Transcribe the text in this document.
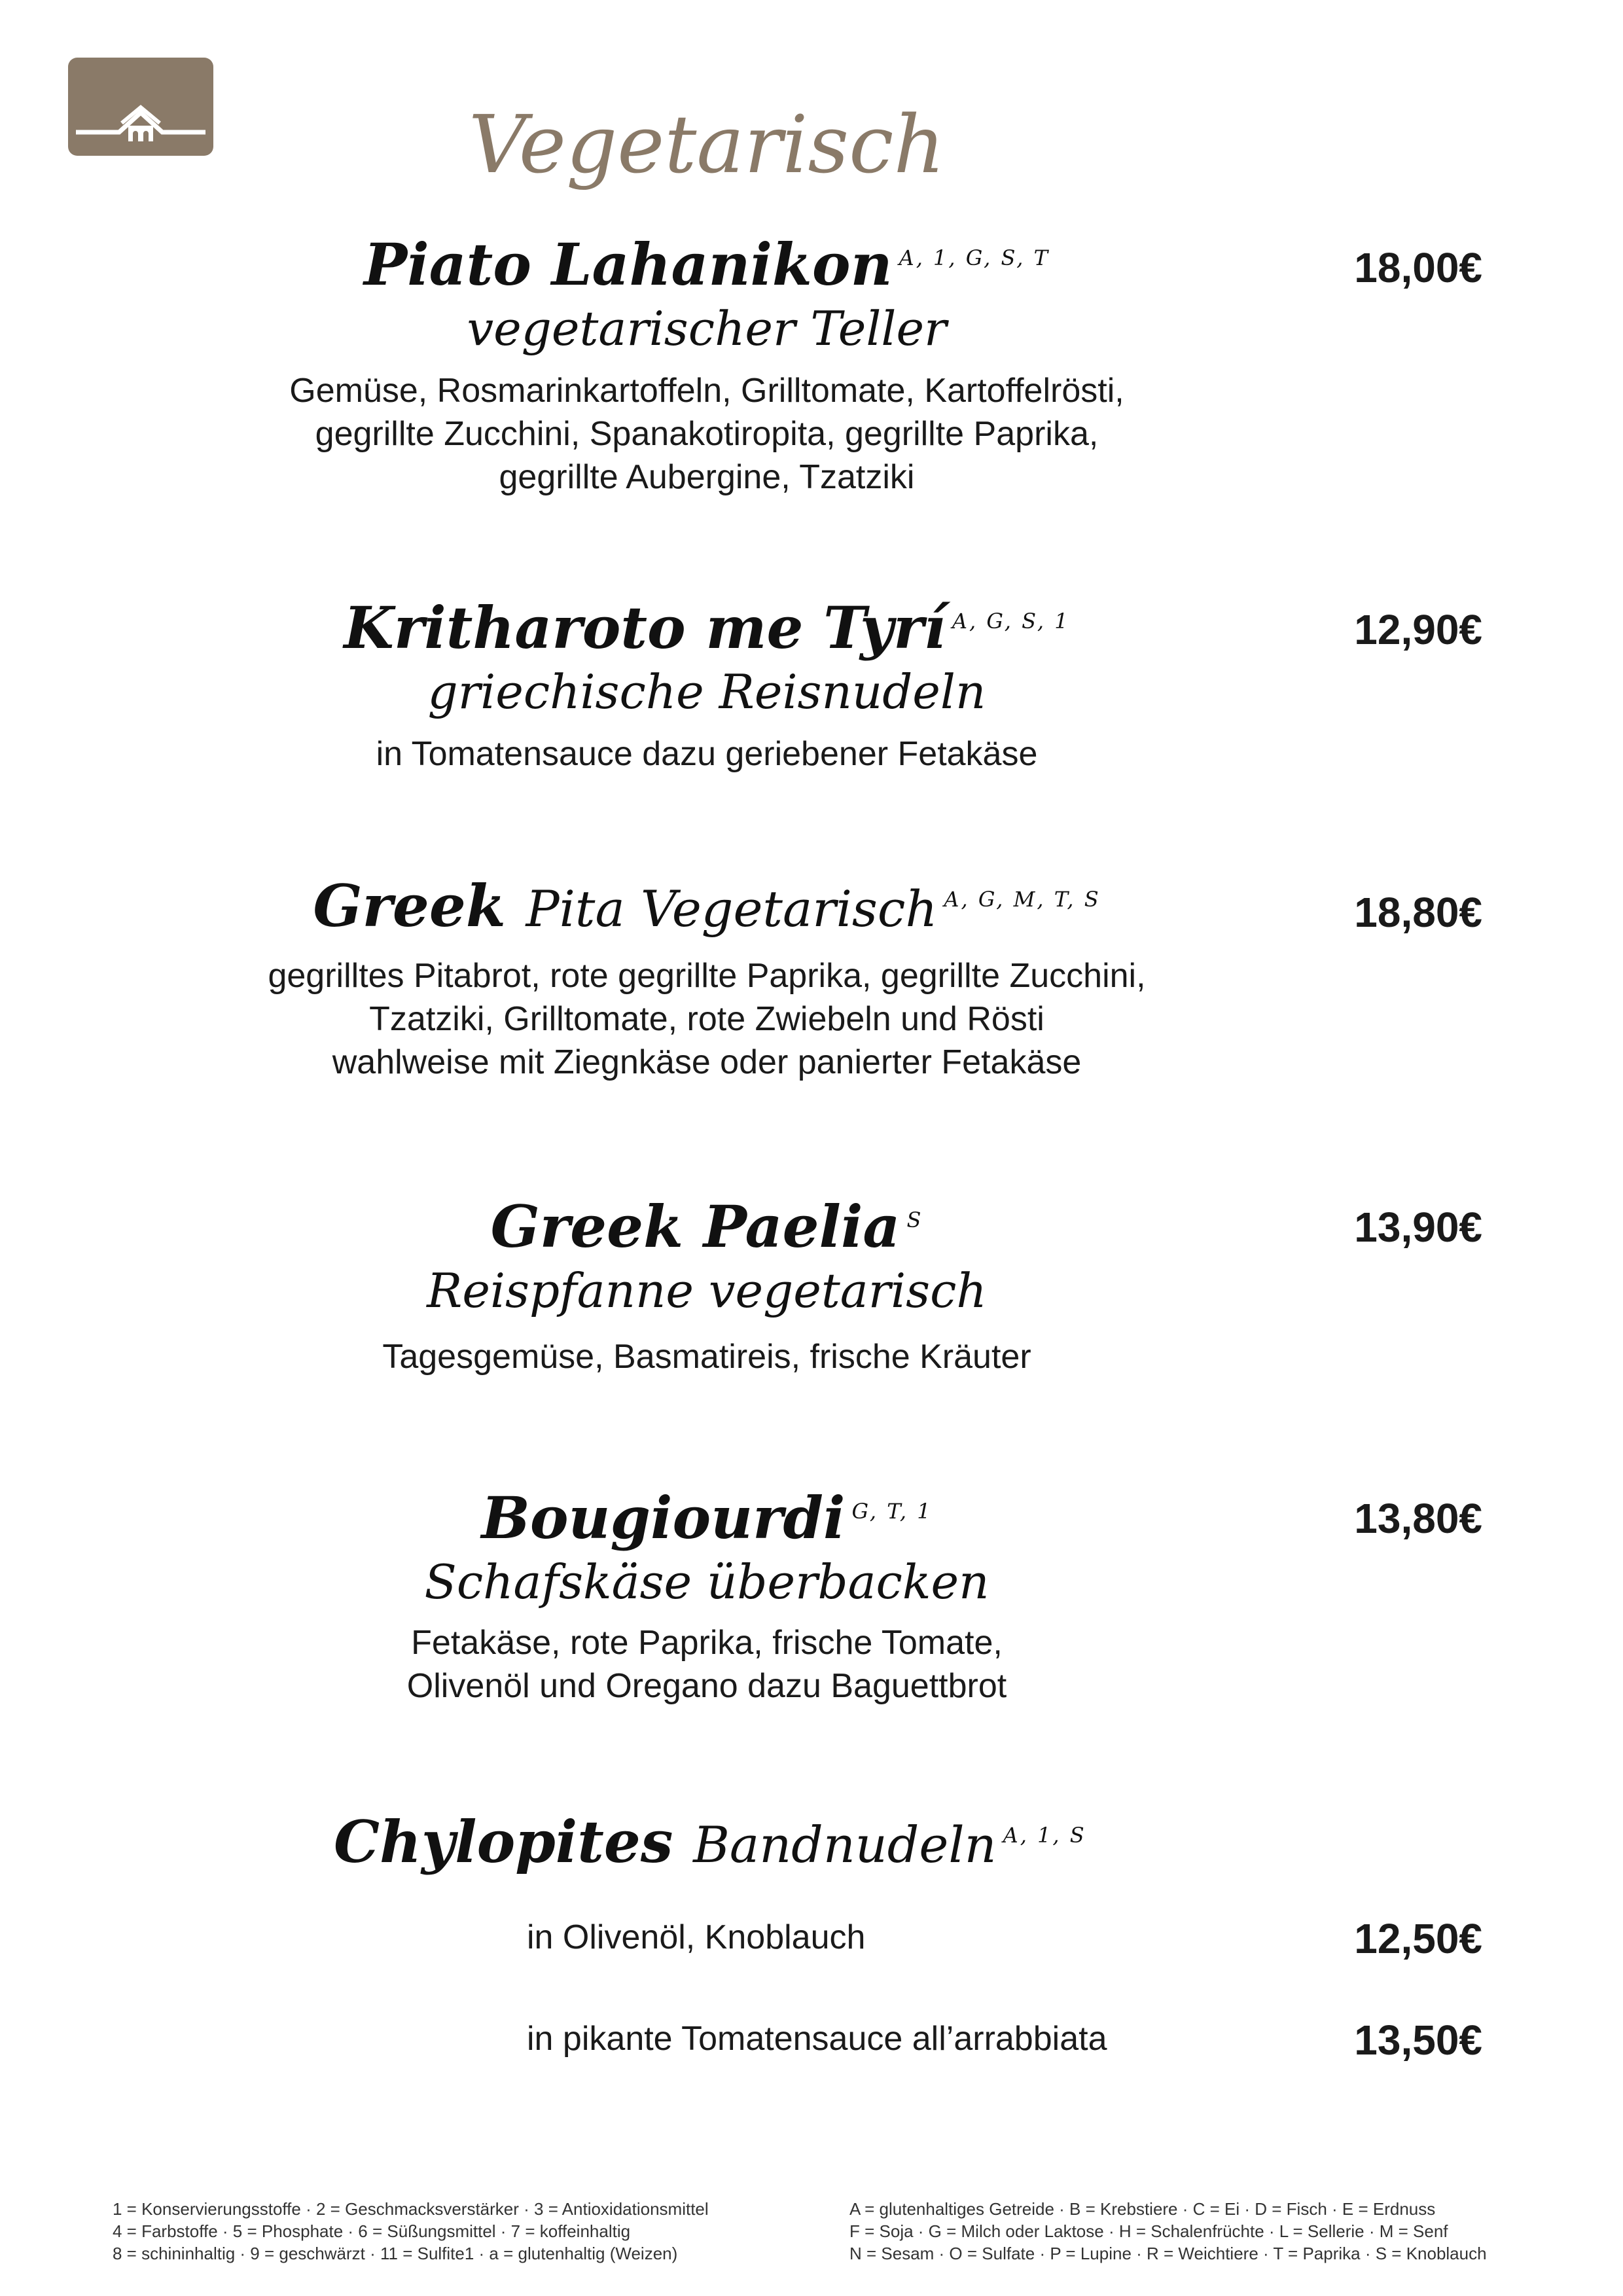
Vegetarisch
Piato Lahanikon $^{A, 1, G, S, T}$
vegetarischer Teller
Gemüse, Rosmarinkartoffeln, Grilltomate, Kartoffelrösti,
gegrillte Zucchini, Spanakotiropita, gegrillte Paprika,
gegrillte Aubergine, Tzatziki
18,00€
Kritharoto me Tyrí $^{A, G, S, 1}$
griechische Reisnudeln
in Tomatensauce dazu geriebener Fetakäse
12,90€
Greek Pita Vegetarisch $^{A, G, M, T, S}$
gegrilltes Pitabrot, rote gegrillte Paprika, gegrillte Zucchini,
Tzatziki, Grilltomate, rote Zwiebeln und Rösti
wahlweise mit Ziegnkäse oder panierter Fetakäse
18,80€
Greek Paelia $^S$
Reispfanne vegetarisch
Tagesgemüse, Basmatireis, frische Kräuter
13,90€
Bougiourdi $^{G, T, 1}$
Schafskäse überbacken
Fetakäse, rote Paprika, frische Tomate,
Olivenöl und Oregano dazu Baguettbrot
13,80€
Chylopites Bandnudeln $^{A, 1, S}$
in Olivenöl, Knoblauch	12,50€
in pikante Tomatensauce all’arrabbiata	13,50€
1 = Konservierungsstoffe · 2 = Geschmacksverstärker · 3 = Antioxidationsmittel
4 = Farbstoffe · 5 = Phosphate · 6 = Süßungsmittel · 7 = koffeinhaltig
8 = schininhaltig · 9 = geschwärzt · 11 = Sulfite1 · a = glutenhaltig (Weizen)
A = glutenhaltiges Getreide · B = Krebstiere · C = Ei · D = Fisch · E = Erdnuss
F = Soja · G = Milch oder Laktose · H = Schalenfrüchte · L = Sellerie · M = Senf
N = Sesam · O = Sulfate · P = Lupine · R = Weichtiere · T = Paprika · S = Knoblauch
